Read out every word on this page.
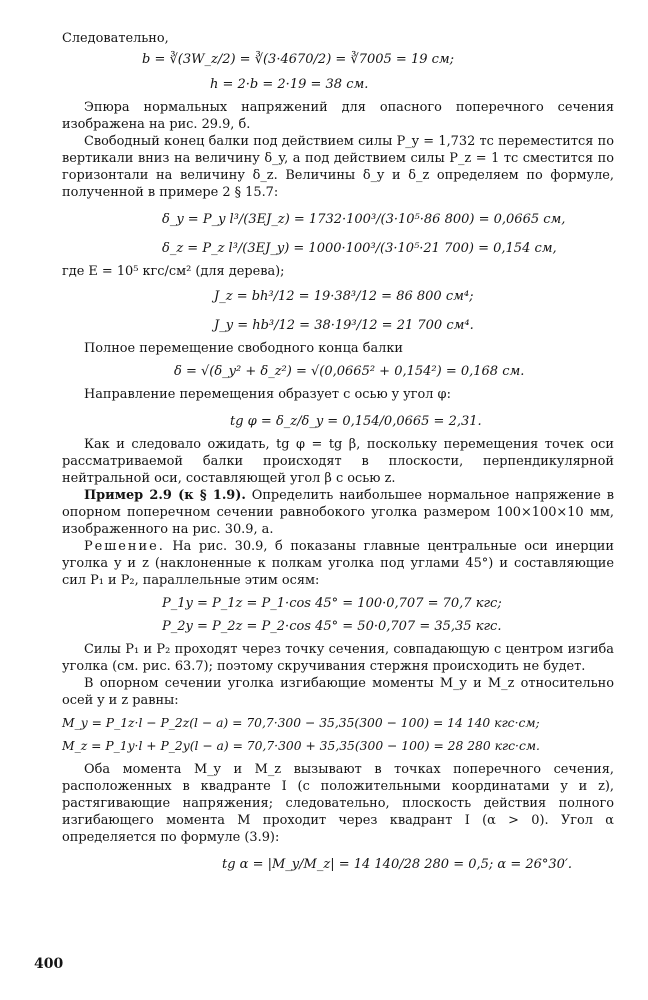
Следовательно,

b = ∛(3W_z/2) = ∛(3·4670/2) = ∛7005 = 19 см;
h = 2·b = 2·19 = 38 см.

Эпюра нормальных напряжений для опасного поперечного сечения изображена на рис. 29.9, б.

Свободный конец балки под действием силы P_y = 1,732 тс переместится по вертикали вниз на величину δ_y, а под действием силы P_z = 1 тс сместится по горизонтали на величину δ_z. Величины δ_y и δ_z определяем по формуле, полученной в примере 2 § 15.7:

δ_y = P_y l³/(3EJ_z) = 1732·100³/(3·10⁵·86 800) = 0,0665 см,
δ_z = P_z l³/(3EJ_y) = 1000·100³/(3·10⁵·21 700) = 0,154 см,

где E = 10⁵ кгс/см² (для дерева);

J_z = bh³/12 = 19·38³/12 = 86 800 см⁴;
J_y = hb³/12 = 38·19³/12 = 21 700 см⁴.

Полное перемещение свободного конца балки

δ = √(δ_y² + δ_z²) = √(0,0665² + 0,154²) = 0,168 см.

Направление перемещения образует с осью y угол φ:

tg φ = δ_z/δ_y = 0,154/0,0665 = 2,31.

Как и следовало ожидать, tg φ = tg β, поскольку перемещения точек оси рассматриваемой балки происходят в плоскости, перпендикулярной нейтральной оси, составляющей угол β с осью z.

Пример 2.9 (к § 1.9). Определить наибольшее нормальное напряжение в опорном поперечном сечении равнобокого уголка размером 100×100×10 мм, изображенного на рис. 30.9, а.

Решение. На рис. 30.9, б показаны главные центральные оси инерции уголка y и z (наклоненные к полкам уголка под углами 45°) и составляющие сил P₁ и P₂, параллельные этим осям:

P_1y = P_1z = P_1·cos 45° = 100·0,707 = 70,7 кгс;
P_2y = P_2z = P_2·cos 45° = 50·0,707 = 35,35 кгс.

Силы P₁ и P₂ проходят через точку сечения, совпадающую с центром изгиба уголка (см. рис. 63.7); поэтому скручивания стержня происходить не будет.

В опорном сечении уголка изгибающие моменты M_y и M_z относительно осей y и z равны:

M_y = P_1z·l − P_2z(l − a) = 70,7·300 − 35,35(300 − 100) = 14 140 кгс·см;
M_z = P_1y·l + P_2y(l − a) = 70,7·300 + 35,35(300 − 100) = 28 280 кгс·см.

Оба момента M_y и M_z вызывают в точках поперечного сечения, расположенных в квадранте I (с положительными координатами y и z), растягивающие напряжения; следовательно, плоскость действия полного изгибающего момента M проходит через квадрант I (α > 0). Угол α определяется по формуле (3.9):

tg α = |M_y/M_z| = 14 140/28 280 = 0,5; α = 26°30′.
400
